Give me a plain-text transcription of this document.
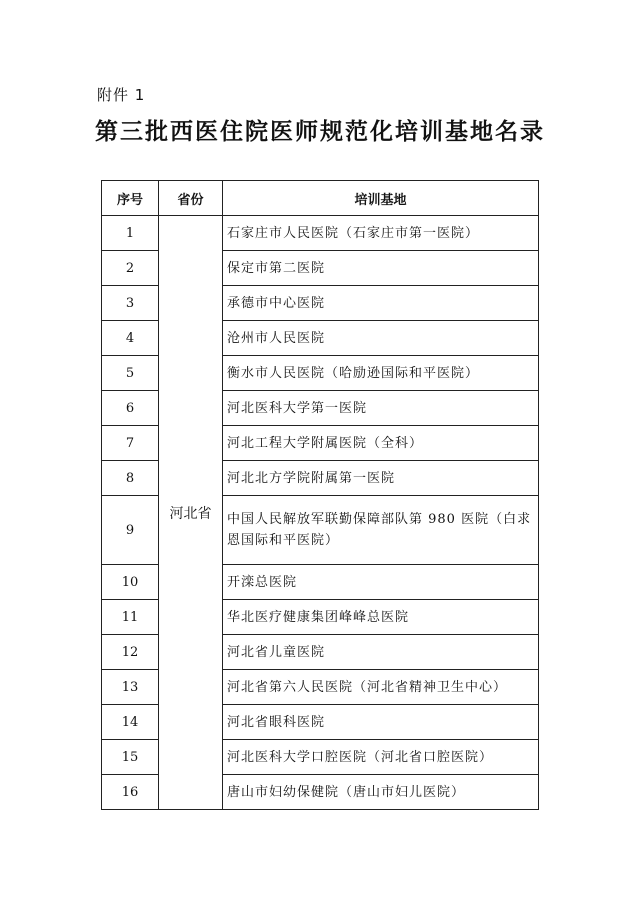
附件 1
第三批西医住院医师规范化培训基地名录
序号	省份	培训基地
1	河北省	石家庄市人民医院（石家庄市第一医院）
2		保定市第二医院
3		承德市中心医院
4		沧州市人民医院
5		衡水市人民医院（哈励逊国际和平医院）
6		河北医科大学第一医院
7		河北工程大学附属医院（全科）
8		河北北方学院附属第一医院
9		中国人民解放军联勤保障部队第 980 医院（白求恩国际和平医院）
10		开滦总医院
11		华北医疗健康集团峰峰总医院
12		河北省儿童医院
13		河北省第六人民医院（河北省精神卫生中心）
14		河北省眼科医院
15		河北医科大学口腔医院（河北省口腔医院）
16		唐山市妇幼保健院（唐山市妇儿医院）
